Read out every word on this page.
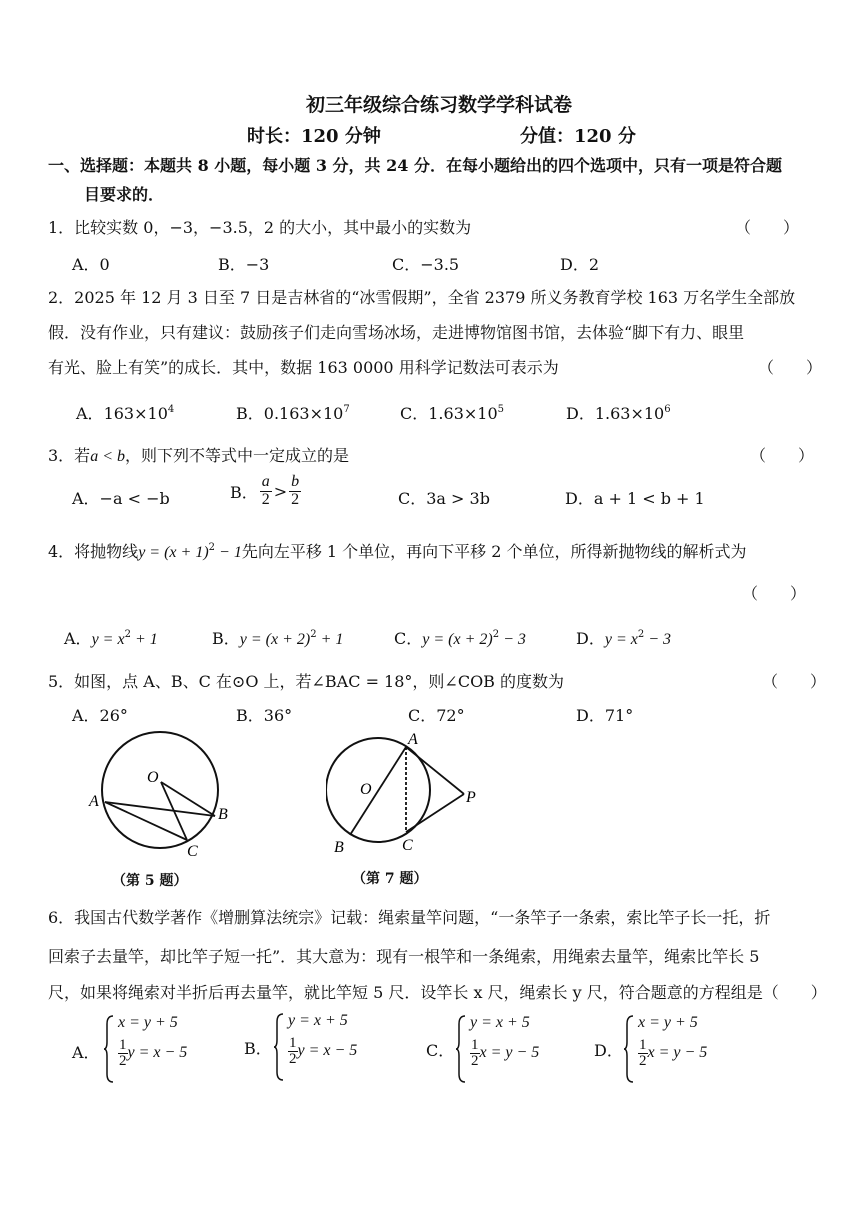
初三年级综合练习数学学科试卷
时长：120 分钟	分值：120 分
一、选择题：本题共 8 小题，每小题 3 分，共 24 分．在每小题给出的四个选项中，只有一项是符合题
目要求的．
1．比较实数 0，−3，−3.5，2 的大小，其中最小的实数为	（　　）
A．0	B．−3	C．−3.5	D．2
2．2025 年 12 月 3 日至 7 日是吉林省的“冰雪假期”，全省 2379 所义务教育学校 163 万名学生全部放
假．没有作业，只有建议：鼓励孩子们走向雪场冰场，走进博物馆图书馆，去体验“脚下有力、眼里
有光、脸上有笑”的成长．其中，数据 163 0000 用科学记数法可表示为	（　　）
A．$163\times 10^4$	B．$0.163\times 10^7$	C．$1.63\times 10^5$	D．$1.63\times 10^6$
3．若a < b，则下列不等式中一定成立的是	（　　）
A．−a < −b	B． $\frac{a}{2} > \frac{b}{2}$	C．3a > 3b	D．a + 1 < b + 1
4．将抛物线$y = (x + 1)^2 - 1$先向左平移 1 个单位，再向下平移 2 个单位，所得新抛物线的解析式为
（　　）
A．$y = x^2 + 1$	B．$y = (x + 2)^2 + 1$	C．$y = (x + 2)^2 - 3$	D．$y = x^2 - 3$
5．如图，点 A、B、C 在⊙O 上，若∠BAC = 18°，则∠COB 的度数为	（　　）
A．26°	B．36°	C．72°	D．71°
O
A
B
C
（第 5 题）
A
O	P
B	C
（第 7 题）
6．我国古代数学著作《增删算法统宗》记载：绳索量竿问题，“一条竿子一条索，索比竿子长一托，折
回索子去量竿，却比竿子短一托”．其大意为：现有一根竿和一条绳索，用绳索去量竿，绳索比竿长 5
尺，如果将绳索对半折后再去量竿，就比竿短 5 尺．设竿长 x 尺，绳索长 y 尺，符合题意的方程组是（　　）
A．
x = y + 5
$\frac{1}{2}$ y = x − 5	B．
y = x + 5
$\frac{1}{2}$ y = x − 5	C．
y = x + 5
$\frac{1}{2}$ x = y − 5	D．
x = y + 5
$\frac{1}{2}$ x = y − 5
